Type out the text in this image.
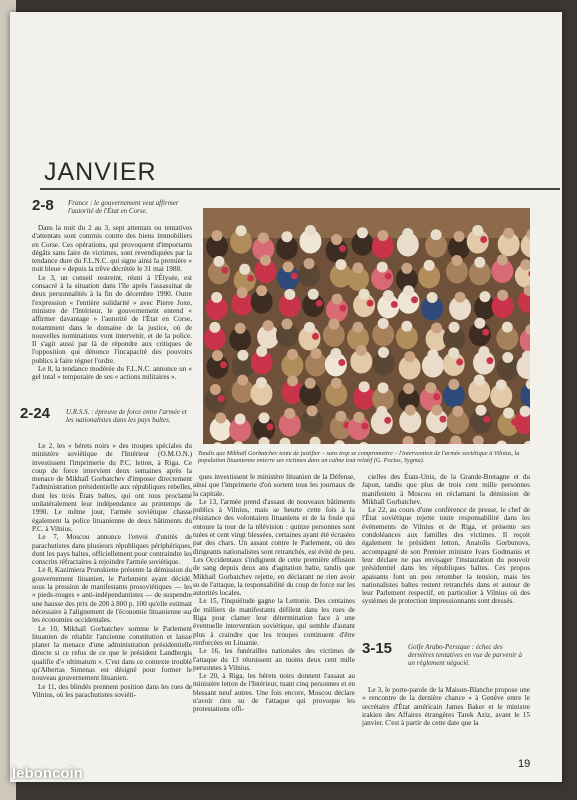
JANVIER
2-8 France : le gouvernement veut affirmer l'autorité de l'État en Corse.

Dans la nuit du 2 au 3, sept attentats ou tentatives d'attentats sont commis contre des biens immobiliers en Corse. Ces opérations, qui provoquent d'importants dégâts sans faire de victimes, sont revendiquées par la tendance dure du F.L.N.C. qui signe ainsi la première « nuit bleue » depuis la trêve décrétée le 31 mai 1988.

Le 3, un conseil restreint, réuni à l'Élysée, est consacré à la situation dans l'île après l'assassinat de deux personnalités à la fin de décembre 1990. Outre l'expression « l'entière solidarité » avec Pierre Joxe, ministre de l'Intérieur, le gouvernement entend « affirmer davantage » l'autorité de l'État en Corse, notamment dans le domaine de la justice, où de nouvelles nominations vont intervenir, et de la police. Il s'agit aussi par là de répondre aux critiques de l'opposition qui dénonce l'incapacité des pouvoirs publics à faire régner l'ordre.

Le 8, la tendance modérée du F.L.N.C. annonce un « gel total » temporaire de ses « actions militaires ».

2-24 U.R.S.S. : épreuve de force entre l'armée et les nationalistes dans les pays baltes.

Le 2, les « bérets noirs » des troupes spéciales du ministère soviétique de l'Intérieur (O.M.O.N.) investissent l'imprimerie du P.C. letton, à Riga. Ce coup de force intervient deux semaines après la menace de Mikhaïl Gorbatchev d'imposer directement l'administration présidentielle aux républiques rebelles, dont les trois États baltes, qui ont tous proclamé unilatéralement leur indépendance au printemps de 1990. Le même jour, l'armée soviétique chasse également la police lituanienne de deux bâtiments du P.C. à Vilnius.

Le 7, Moscou annonce l'envoi d'unités de parachutistes dans plusieurs républiques périphériques, dont les pays baltes, officiellement pour contraindre les conscrits réfractaires à rejoindre l'armée soviétique.

Le 8, Kazimiera Prunskiene présente la démission du gouvernement lituanien, le Parlement ayant décidé, sous la pression de manifestants prosoviétiques — les « pieds-rouges » anti-indépendantistes — de suspendre une hausse des prix de 200 à 800 p. 100 qu'elle estimait nécessaire à l'alignement de l'économie lituanienne sur les économies occidentales.

Le 10, Mikhaïl Gorbatchev somme le Parlement lituanien de rétablir l'ancienne constitution et laisse planer la menace d'une administration présidentielle directe si ce refus de ce que le président Landbergis qualifie d'« ultimatum ». C'est dans ce contexte troublé qu'Albertas Simenas est désigné pour former le nouveau gouvernement lituanien.

Le 11, des blindés prennent position dans les rues de Vilnius, où les parachutistes soviéti-

Tandis que Mikhaïl Gorbatchev tente de justifier – sans trop se compromettre – l'intervention de l'armée soviétique à Vilnius, la population lituanienne enterre ses victimes dans un calme tout relatif (G. Pocius, Sygma).

ques investissent le ministère lituanien de la Défense, ainsi que l'imprimerie d'où sortent tous les journaux de la capitale.

Le 13, l'armée prend d'assaut de nouveaux bâtiments publics à Vilnius, mais se heurte cette fois à la résistance des volontaires lituaniens et de la foule qui entoure la tour de la télévision : quinze personnes sont tuées et cent vingt blessées, certaines ayant été écrasées par des chars. Un assaut contre le Parlement, où des dirigeants nationalistes sont retranchés, est évité de peu. Les Occidentaux s'indignent de cette première effusion de sang depuis deux ans d'agitation balte, tandis que Mikhaïl Gorbatchev rejette, en déclarant ne rien avoir su de l'attaque, la responsabilité du coup de force sur les autorités locales.

Le 15, l'inquiétude gagne la Lettonie. Des centaines de milliers de manifestants défilent dans les rues de Riga pour clamer leur détermination face à une éventuelle intervention soviétique, qui semble d'autant plus à craindre que les troupes continuent d'être renforcées en Lituanie.

Le 16, les funérailles nationales des victimes de l'attaque du 13 réunissent au moins deux cent mille personnes à Vilnius.

Le 20, à Riga, les bérets noirs donnent l'assaut au ministère letton de l'Intérieur, tuant cinq personnes et en blessant neuf autres. Une fois encore, Moscou déclare n'avoir rien su de l'attaque qui provoque les protestations offi-

cielles des États-Unis, de la Grande-Bretagne et du Japon, tandis que plus de trois cent mille personnes manifestent à Moscou en réclamant la démission de Mikhaïl Gorbatchev.

Le 22, au cours d'une conférence de presse, le chef de l'État soviétique rejette toute responsabilité dans les événements de Vilnius et de Riga, et présente ses condoléances aux familles des victimes. Il reçoit également le président letton, Anatolis Gorbunovs, accompagné de son Premier ministre Ivars Godmanis et leur déclare ne pas envisager l'instauration du pouvoir présidentiel dans les républiques baltes. Ces propos apaisants font un peu retomber la tension, mais les nationalistes baltes restent retranchés dans et autour de leur Parlement respectif, en particulier à Vilnius où des systèmes de protection impressionnants sont dressés.

3-15 Golfe Arabo-Persique : échec des dernières tentatives en vue de parvenir à un règlement négocié.

Le 3, le porte-parole de la Maison-Blanche propose une « rencontre de la dernière chance » à Genève entre le secrétaire d'État américain James Baker et le ministre irakien des Affaires étrangères Tarek Aziz, avant le 15 janvier. C'est à partir de cette date que la

19
leboncoin
